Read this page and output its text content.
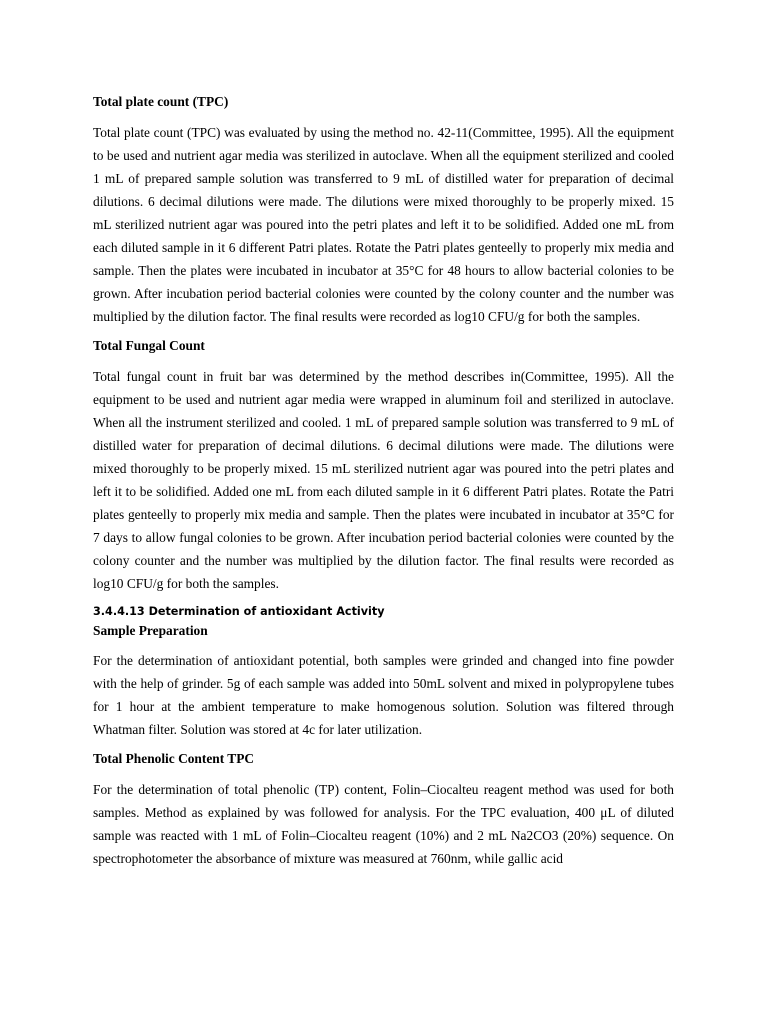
Total plate count (TPC)

Total plate count (TPC) was evaluated by using the method no. 42-11(Committee, 1995). All the equipment to be used and nutrient agar media was sterilized in autoclave. When all the equipment sterilized and cooled 1 mL of prepared sample solution was transferred to 9 mL of distilled water for preparation of decimal dilutions. 6 decimal dilutions were made. The dilutions were mixed thoroughly to be properly mixed. 15 mL sterilized nutrient agar was poured into the petri plates and left it to be solidified. Added one mL from each diluted sample in it 6 different Patri plates. Rotate the Patri plates genteelly to properly mix media and sample. Then the plates were incubated in incubator at 35°C for 48 hours to allow bacterial colonies to be grown. After incubation period bacterial colonies were counted by the colony counter and the number was multiplied by the dilution factor. The final results were recorded as log10 CFU/g for both the samples.

Total Fungal Count

Total fungal count in fruit bar was determined by the method describes in(Committee, 1995). All the equipment to be used and nutrient agar media were wrapped in aluminum foil and sterilized in autoclave. When all the instrument sterilized and cooled. 1 mL of prepared sample solution was transferred to 9 mL of distilled water for preparation of decimal dilutions. 6 decimal dilutions were made. The dilutions were mixed thoroughly to be properly mixed. 15 mL sterilized nutrient agar was poured into the petri plates and left it to be solidified. Added one mL from each diluted sample in it 6 different Patri plates. Rotate the Patri plates genteelly to properly mix media and sample. Then the plates were incubated in incubator at 35°C for 7 days to allow fungal colonies to be grown. After incubation period bacterial colonies were counted by the colony counter and the number was multiplied by the dilution factor. The final results were recorded as log10 CFU/g for both the samples.

3.4.4.13 Determination of antioxidant Activity

Sample Preparation

For the determination of antioxidant potential, both samples were grinded and changed into fine powder with the help of grinder. 5g of each sample was added into 50mL solvent and mixed in polypropylene tubes for 1 hour at the ambient temperature to make homogenous solution. Solution was filtered through Whatman filter. Solution was stored at 4c for later utilization.

Total Phenolic Content TPC

For the determination of total phenolic (TP) content, Folin–Ciocalteu reagent method was used for both samples. Method as explained by was followed for analysis. For the TPC evaluation, 400 μL of diluted sample was reacted with 1 mL of Folin–Ciocalteu reagent (10%) and 2 mL Na2CO3 (20%) sequence. On spectrophotometer the absorbance of mixture was measured at 760nm, while gallic acid
